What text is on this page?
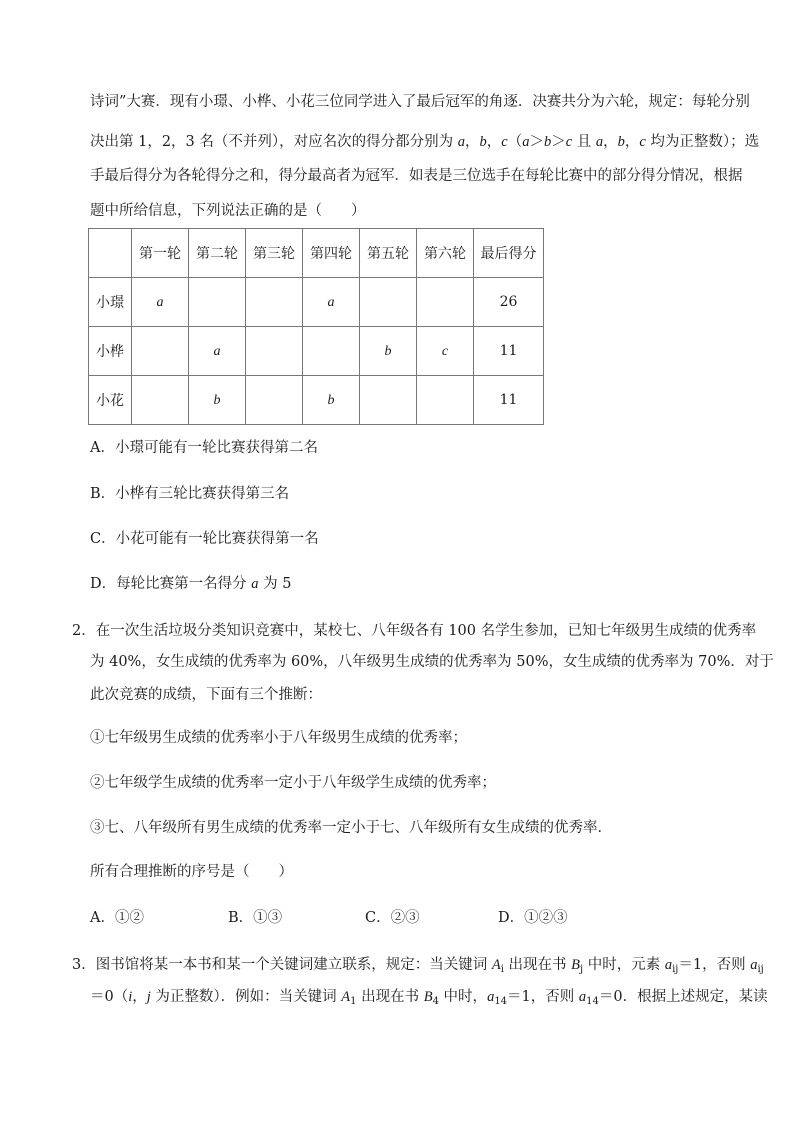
诗词”大赛．现有小璟、小桦、小花三位同学进入了最后冠军的角逐．决赛共分为六轮，规定：每轮分别
决出第 1，2，3 名（不并列），对应名次的得分都分别为 a，b，c（a＞b＞c 且 a，b，c 均为正整数）；选
手最后得分为各轮得分之和，得分最高者为冠军．如表是三位选手在每轮比赛中的部分得分情况，根据
题中所给信息，下列说法正确的是（　　）
	第一轮	第二轮	第三轮	第四轮	第五轮	第六轮	最后得分
小璟	a			a			26
小桦		a			b	c	11
小花		b		b			11
A．小璟可能有一轮比赛获得第二名
B．小桦有三轮比赛获得第三名
C．小花可能有一轮比赛获得第一名
D．每轮比赛第一名得分 a 为 5
2．在一次生活垃圾分类知识竞赛中，某校七、八年级各有 100 名学生参加，已知七年级男生成绩的优秀率
为 40%，女生成绩的优秀率为 60%，八年级男生成绩的优秀率为 50%，女生成绩的优秀率为 70%．对于
此次竞赛的成绩，下面有三个推断：
①七年级男生成绩的优秀率小于八年级男生成绩的优秀率；
②七年级学生成绩的优秀率一定小于八年级学生成绩的优秀率；
③七、八年级所有男生成绩的优秀率一定小于七、八年级所有女生成绩的优秀率．
所有合理推断的序号是（　　）
A．①②	B．①③	C．②③	D．①②③
3．图书馆将某一本书和某一个关键词建立联系，规定：当关键词 $A_i$ 出现在书 $B_j$ 中时，元素 $a_{ij}=1$，否则 $a_{ij}$
＝0（i，j 为正整数）．例如：当关键词 $A_1$ 出现在书 $B_4$ 中时，$a_{14}=1$，否则 $a_{14}=0$．根据上述规定，某读
